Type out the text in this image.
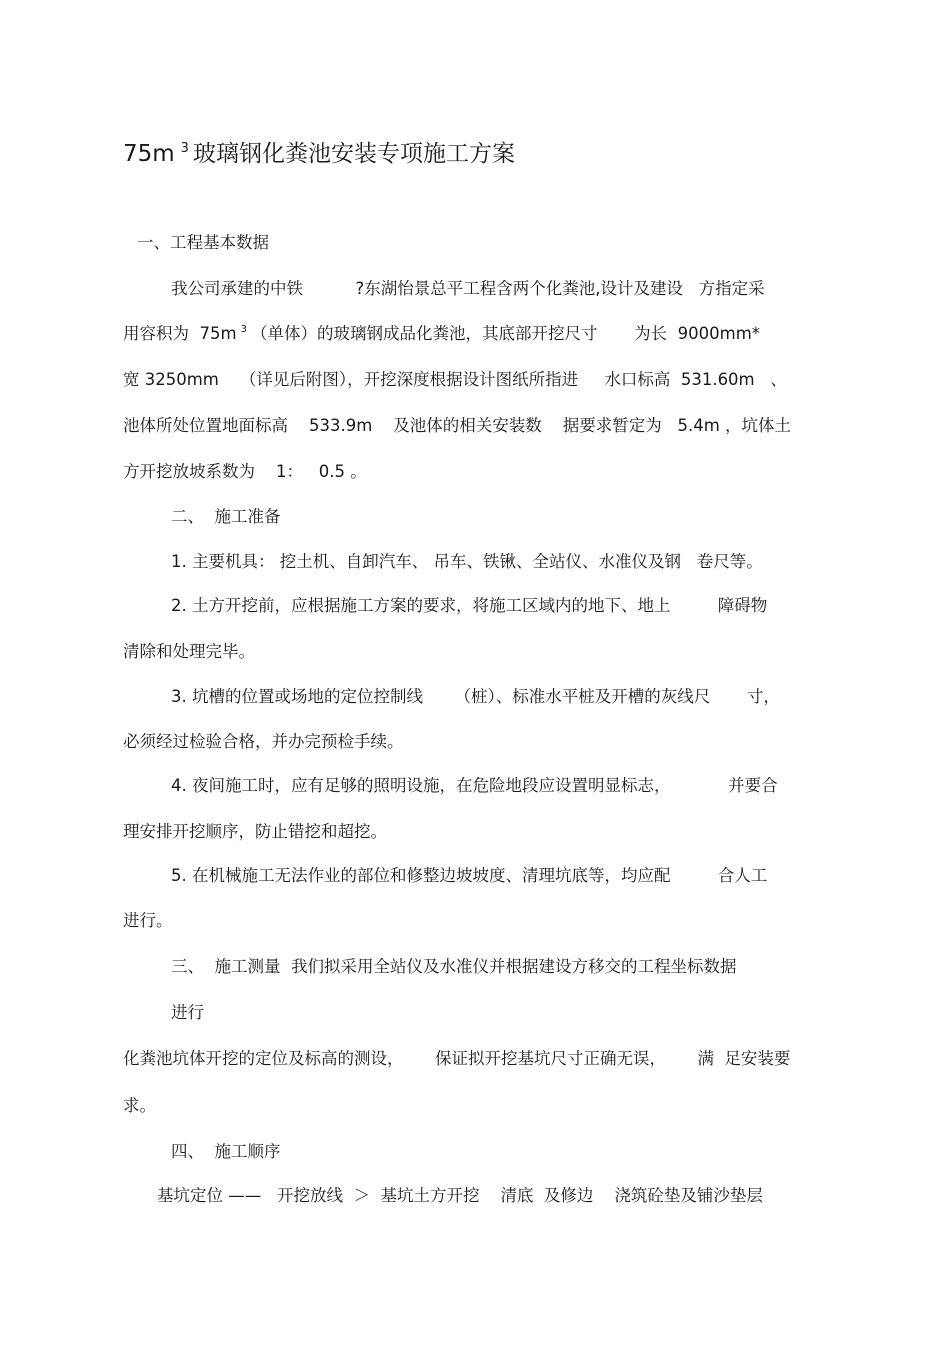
75m $^3$ 玻璃钢化粪池安装专项施工方案
一、工程基本数据
我公司承建的中铁          ?东湖怡景总平工程含两个化粪池,设计及建设   方指定采
用容积为  75m $^3$ （单体）的玻璃钢成品化粪池，其底部开挖尺寸       为长  9000mm*
宽 3250mm    （详见后附图），开挖深度根据设计图纸所指进     水口标高  531.60m   、
池体所处位置地面标高    533.9m    及池体的相关安装数    据要求暂定为   5.4m ，坑体土
方开挖放坡系数为    1：   0.5 。
二、  施工准备
1. 主要机具： 挖土机、自卸汽车、 吊车、铁锹、全站仪、水准仪及钢   卷尺等。
2. 土方开挖前，应根据施工方案的要求，将施工区域内的地下、地上         障碍物
清除和处理完毕。
3. 坑槽的位置或场地的定位控制线      （桩）、标准水平桩及开槽的灰线尺       寸，
必须经过检验合格，并办完预检手续。
4. 夜间施工时，应有足够的照明设施，在危险地段应设置明显标志，           并要合
理安排开挖顺序，防止错挖和超挖。
5. 在机械施工无法作业的部位和修整边坡坡度、清理坑底等，均应配         合人工
进行。
三、  施工测量  我们拟采用全站仪及水准仪并根据建设方移交的工程坐标数据
进行
化粪池坑体开挖的定位及标高的测设，      保证拟开挖基坑尺寸正确无误，      满  足安装要
求。
四、  施工顺序
基坑定位 ——   开挖放线  ＞  基坑土方开挖    清底  及修边    浇筑砼垫及铺沙垫层
